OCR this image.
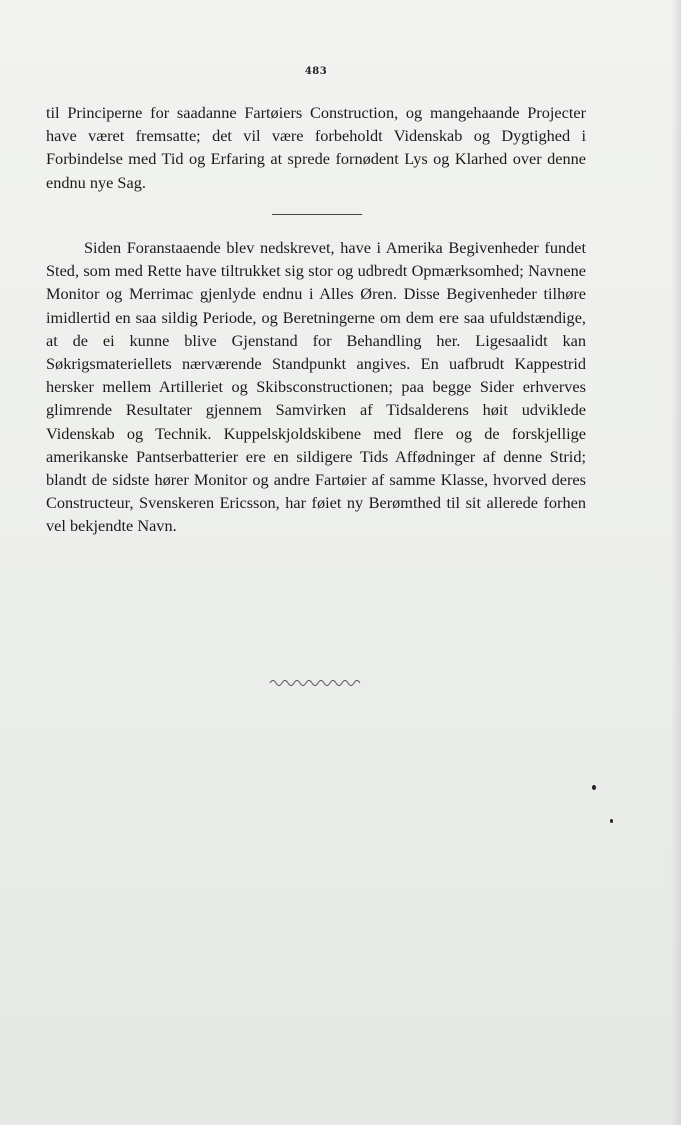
483

til Principerne for saadanne Fartøiers Construction, og mangehaande Projecter have været fremsatte; det vil være forbeholdt Videnskab og Dygtighed i Forbindelse med Tid og Erfaring at sprede fornødent Lys og Klarhed over denne endnu nye Sag.

Siden Foranstaaende blev nedskrevet, have i Amerika Begivenheder fundet Sted, som med Rette have tiltrukket sig stor og udbredt Opmærksomhed; Navnene Monitor og Merrimac gjenlyde endnu i Alles Øren. Disse Begivenheder tilhøre imidlertid en saa sildig Periode, og Beretningerne om dem ere saa ufuldstændige, at de ei kunne blive Gjenstand for Behandling her. Ligesaalidt kan Søkrigsmateriellets nærværende Standpunkt angives. En uafbrudt Kappestrid hersker mellem Artilleriet og Skibsconstructionen; paa begge Sider erhverves glimrende Resultater gjennem Samvirken af Tidsalderens høit udviklede Videnskab og Technik. Kuppelskjoldskibene med flere og de forskjellige amerikanske Pantserbatterier ere en sildigere Tids Affødninger af denne Strid; blandt de sidste hører Monitor og andre Fartøier af samme Klasse, hvorved deres Constructeur, Svenskeren Ericsson, har føiet ny Berømthed til sit allerede forhen vel bekjendte Navn.
